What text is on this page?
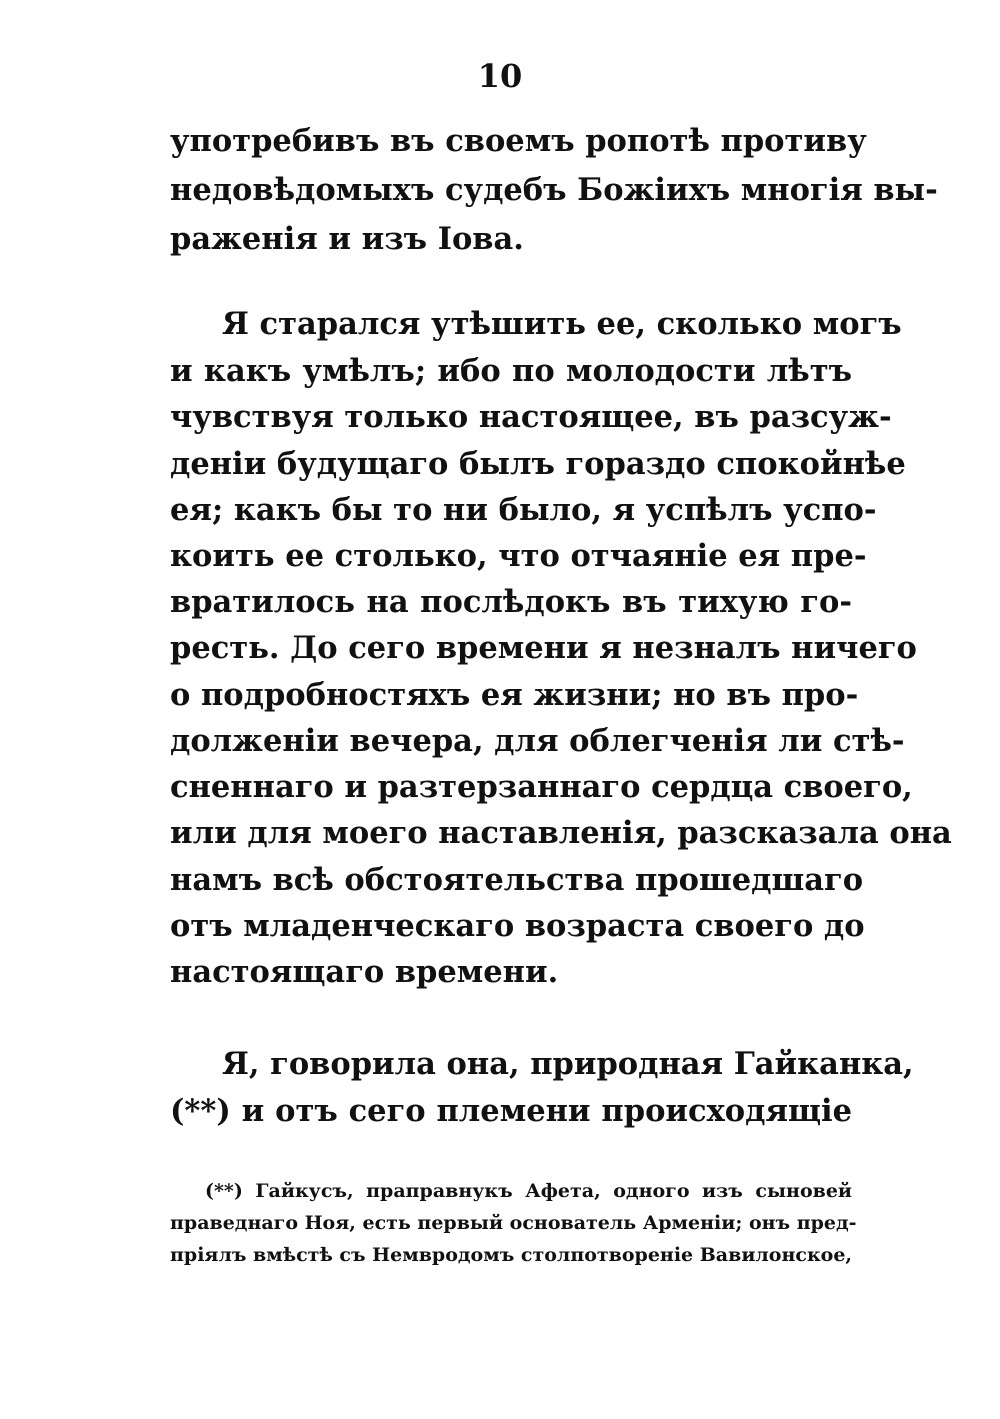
10
употребивъ въ своемъ ропотѣ противу
недовѣдомыхъ судебъ Божіихъ многія вы-
раженія и изъ Іова.
Я старался утѣшить ее, сколько могъ
и какъ умѣлъ; ибо по молодости лѣтъ
чувствуя только настоящее, въ разсуж-
деніи будущаго былъ гораздо спокойнѣе
ея; какъ бы то ни было, я успѣлъ успо-
коить ее столько, что отчаяніе ея пре-
вратилось на послѣдокъ въ тихую го-
ресть. До сего времени я незналъ ничего
о подробностяхъ ея жизни; но въ про-
долженіи вечера, для облегченія ли стѣ-
сненнаго и разтерзаннаго сердца своего,
или для моего наставленія, разсказала она
намъ всѣ обстоятельства прошедшаго
отъ младенческаго возраста своего до
настоящаго времени.
Я, говорила она, природная Гайканка,
(**) и отъ сего племени происходящіе
(**) Гайкусъ, праправнукъ Афета, одного изъ сыновей
праведнаго Ноя, есть первый основатель Арменіи; онъ пред-
пріялъ вмѣстѣ съ Немвродомъ столпотвореніе Вавилонское,
